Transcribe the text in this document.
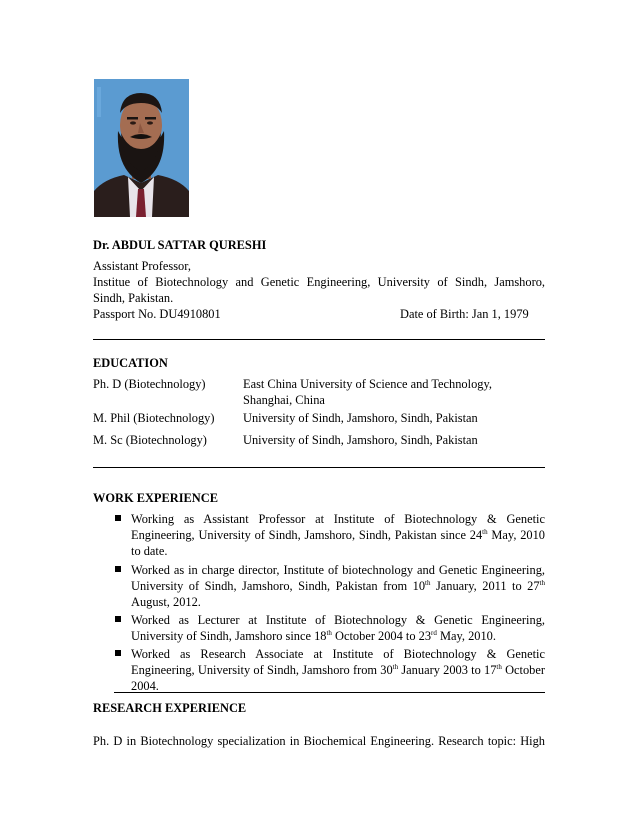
Dr. ABDUL SATTAR QURESHI
Assistant Professor,
Institue of Biotechnology and Genetic Engineering, University of Sindh, Jamshoro,
Sindh, Pakistan.
Passport No. DU4910801	Date of Birth: Jan 1, 1979
EDUCATION
Ph. D (Biotechnology)	East China University of Science and Technology, Shanghai, China
M. Phil (Biotechnology) University of Sindh, Jamshoro, Sindh, Pakistan
M. Sc (Biotechnology)	University of Sindh, Jamshoro, Sindh, Pakistan
WORK EXPERIENCE
Working as Assistant Professor at Institute of Biotechnology & Genetic Engineering, University of Sindh, Jamshoro, Sindh, Pakistan since 24th May, 2010 to date.
Worked as in charge director, Institute of biotechnology and Genetic Engineering, University of Sindh, Jamshoro, Sindh, Pakistan from 10th January, 2011 to 27th August, 2012.
Worked as Lecturer at Institute of Biotechnology & Genetic Engineering, University of Sindh, Jamshoro since 18th October 2004 to 23rd May, 2010.
Worked as Research Associate at Institute of Biotechnology & Genetic Engineering, University of Sindh, Jamshoro from 30th January 2003 to 17th October 2004.
RESEARCH EXPERIENCE
Ph. D in Biotechnology specialization in Biochemical Engineering. Research topic: High
